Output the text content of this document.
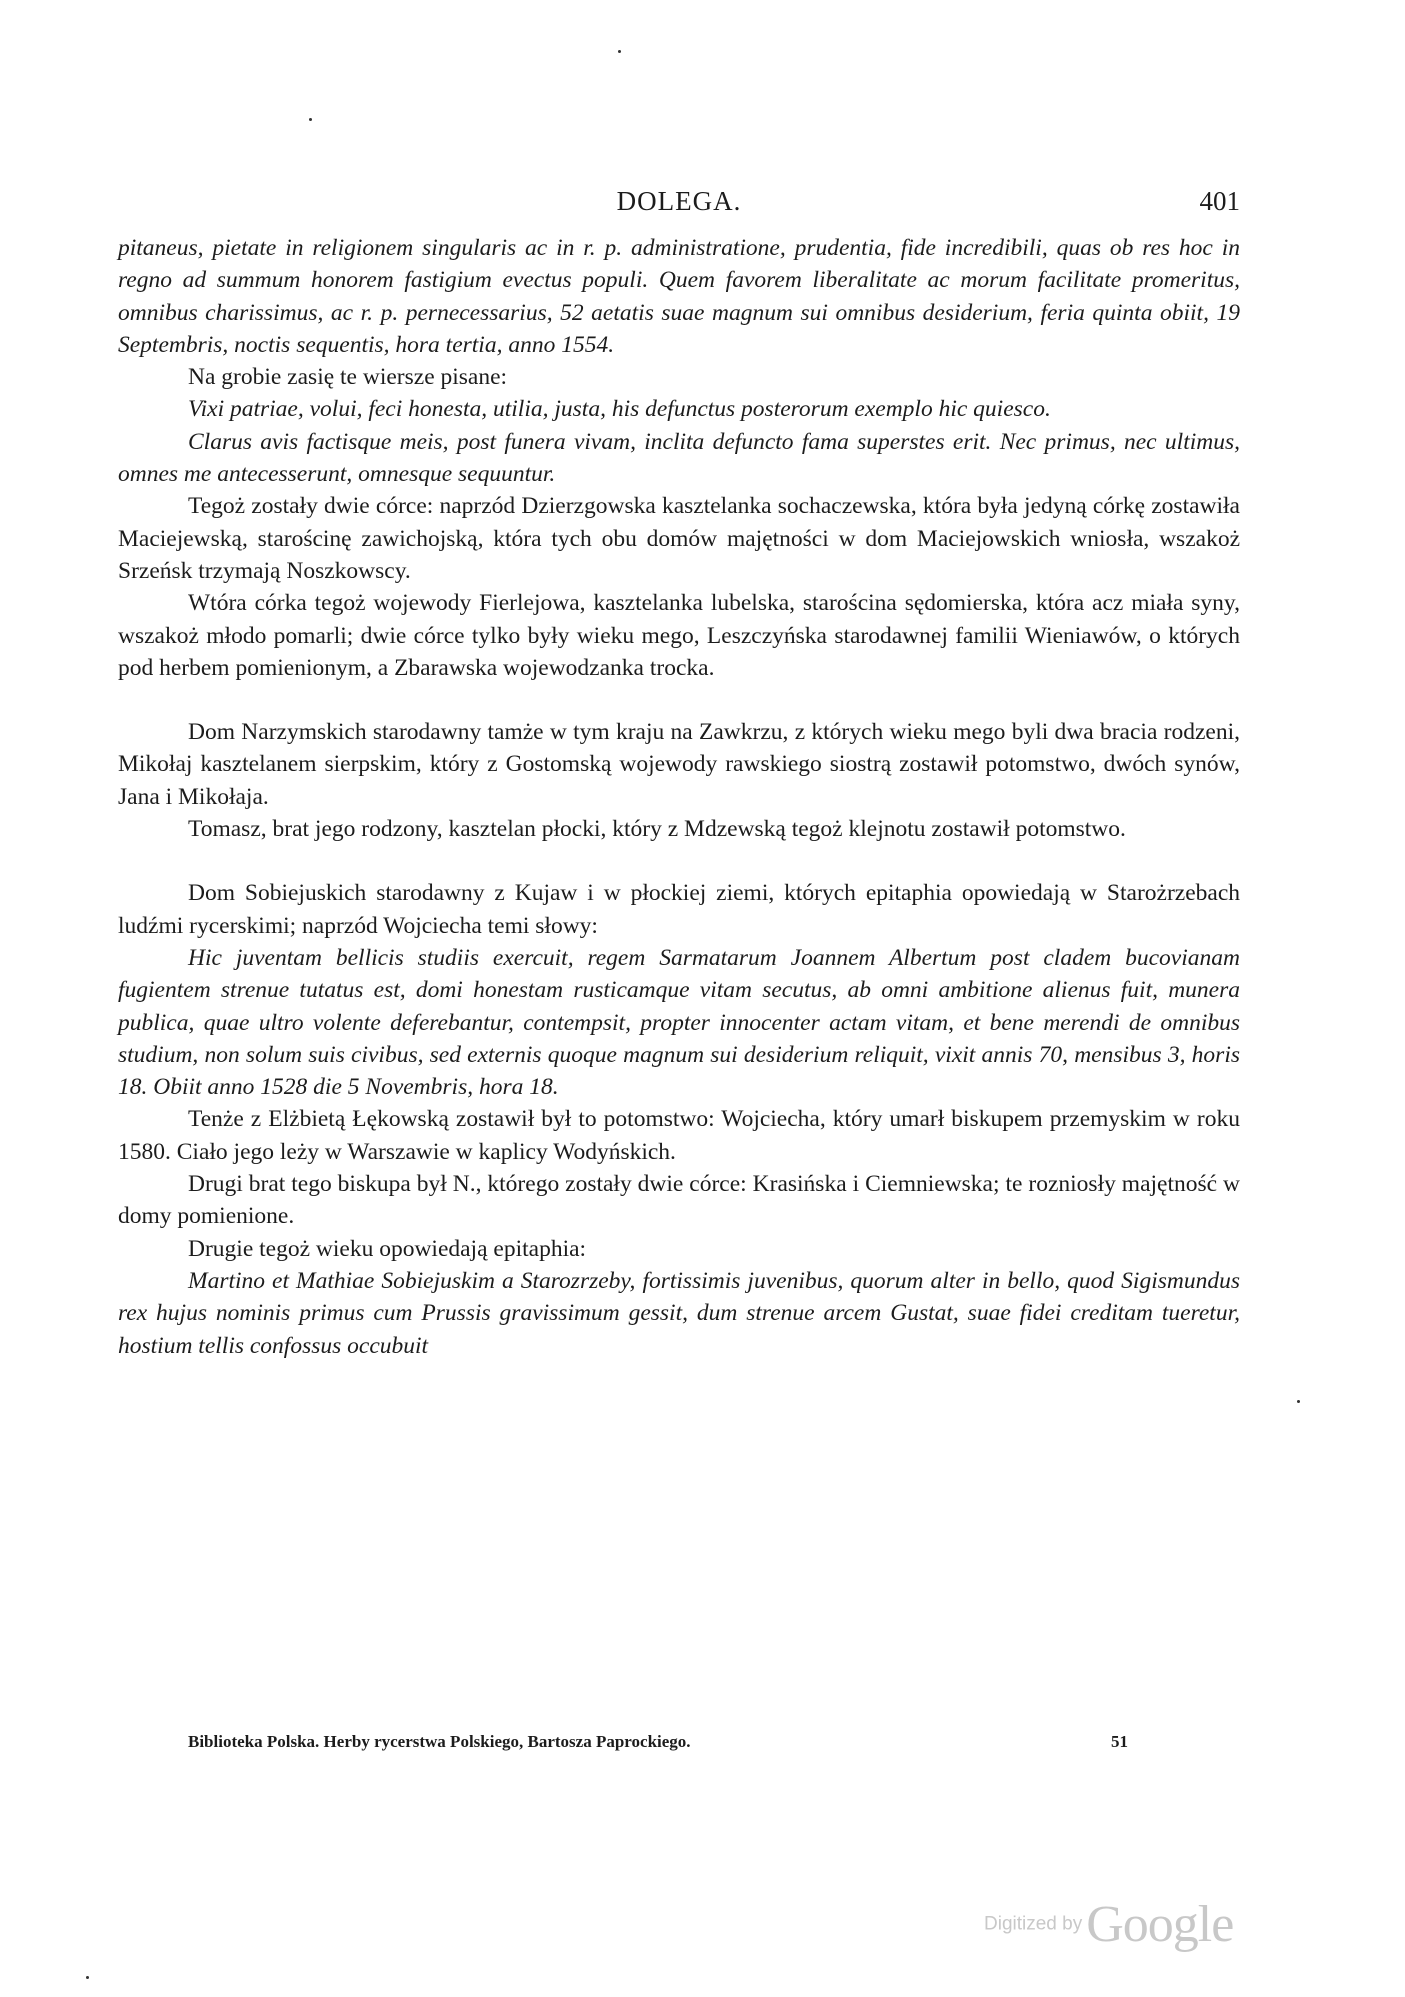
DOLEGA.	401

pitaneus, pietate in religionem singularis ac in r. p. administratione, prudentia, fide incredibili, quas ob res hoc in regno ad summum honorem fastigium evectus populi. Quem favorem liberalitate ac morum facilitate promeritus, omnibus charissimus, ac r. p. pernecessarius, 52 aetatis suae magnum sui omnibus desiderium, feria quinta obiit, 19 Septembris, noctis sequentis, hora tertia, anno 1554.

Na grobie zasię te wiersze pisane:

Vixi patriae, volui, feci honesta, utilia, justa, his defunctus posterorum exemplo hic quiesco.

Clarus avis factisque meis, post funera vivam, inclita defuncto fama superstes erit. Nec primus, nec ultimus, omnes me antecesserunt, omnesque sequuntur.

Tegoż zostały dwie córce: naprzód Dzierzgowska kasztelanka sochaczewska, która była jedyną córkę zostawiła Maciejewską, starościnę zawichojską, która tych obu domów majętności w dom Maciejowskich wniosła, wszakoż Srzeńsk trzymają Noszkowscy.

Wtóra córka tegoż wojewody Fierlejowa, kasztelanka lubelska, starościna sędomierska, która acz miała syny, wszakoż młodo pomarli; dwie córce tylko były wieku mego, Leszczyńska starodawnej familii Wieniawów, o których pod herbem pomienionym, a Zbarawska wojewodzanka trocka.

Dom Narzymskich starodawny tamże w tym kraju na Zawkrzu, z których wieku mego byli dwa bracia rodzeni, Mikołaj kasztelanem sierpskim, który z Gostomską wojewody rawskiego siostrą zostawił potomstwo, dwóch synów, Jana i Mikołaja.

Tomasz, brat jego rodzony, kasztelan płocki, który z Mdzewską tegoż klejnotu zostawił potomstwo.

Dom Sobiejuskich starodawny z Kujaw i w płockiej ziemi, których epitaphia opowiedają w Starożrzebach ludźmi rycerskimi; naprzód Wojciecha temi słowy:

Hic juventam bellicis studiis exercuit, regem Sarmatarum Joannem Albertum post cladem bucovianam fugientem strenue tutatus est, domi honestam rusticamque vitam secutus, ab omni ambitione alienus fuit, munera publica, quae ultro volente deferebantur, contempsit, propter innocenter actam vitam, et bene merendi de omnibus studium, non solum suis civibus, sed externis quoque magnum sui desiderium reliquit, vixit annis 70, mensibus 3, horis 18. Obiit anno 1528 die 5 Novembris, hora 18.

Tenże z Elżbietą Łękowską zostawił był to potomstwo: Wojciecha, który umarł biskupem przemyskim w roku 1580. Ciało jego leży w Warszawie w kaplicy Wodyńskich.

Drugi brat tego biskupa był N., którego zostały dwie córce: Krasińska i Ciemniewska; te rozniosły majętność w domy pomienione.

Drugie tegoż wieku opowiedają epitaphia:

Martino et Mathiae Sobiejuskim a Starozrzeby, fortissimis juvenibus, quorum alter in bello, quod Sigismundus rex hujus nominis primus cum Prussis gravissimum gessit, dum strenue arcem Gustat, suae fidei creditam tueretur, hostium tellis confossus occubuit

Biblioteka Polska. Herby rycerstwa Polskiego, Bartosza Paprockiego.	51
Digitized by Google
